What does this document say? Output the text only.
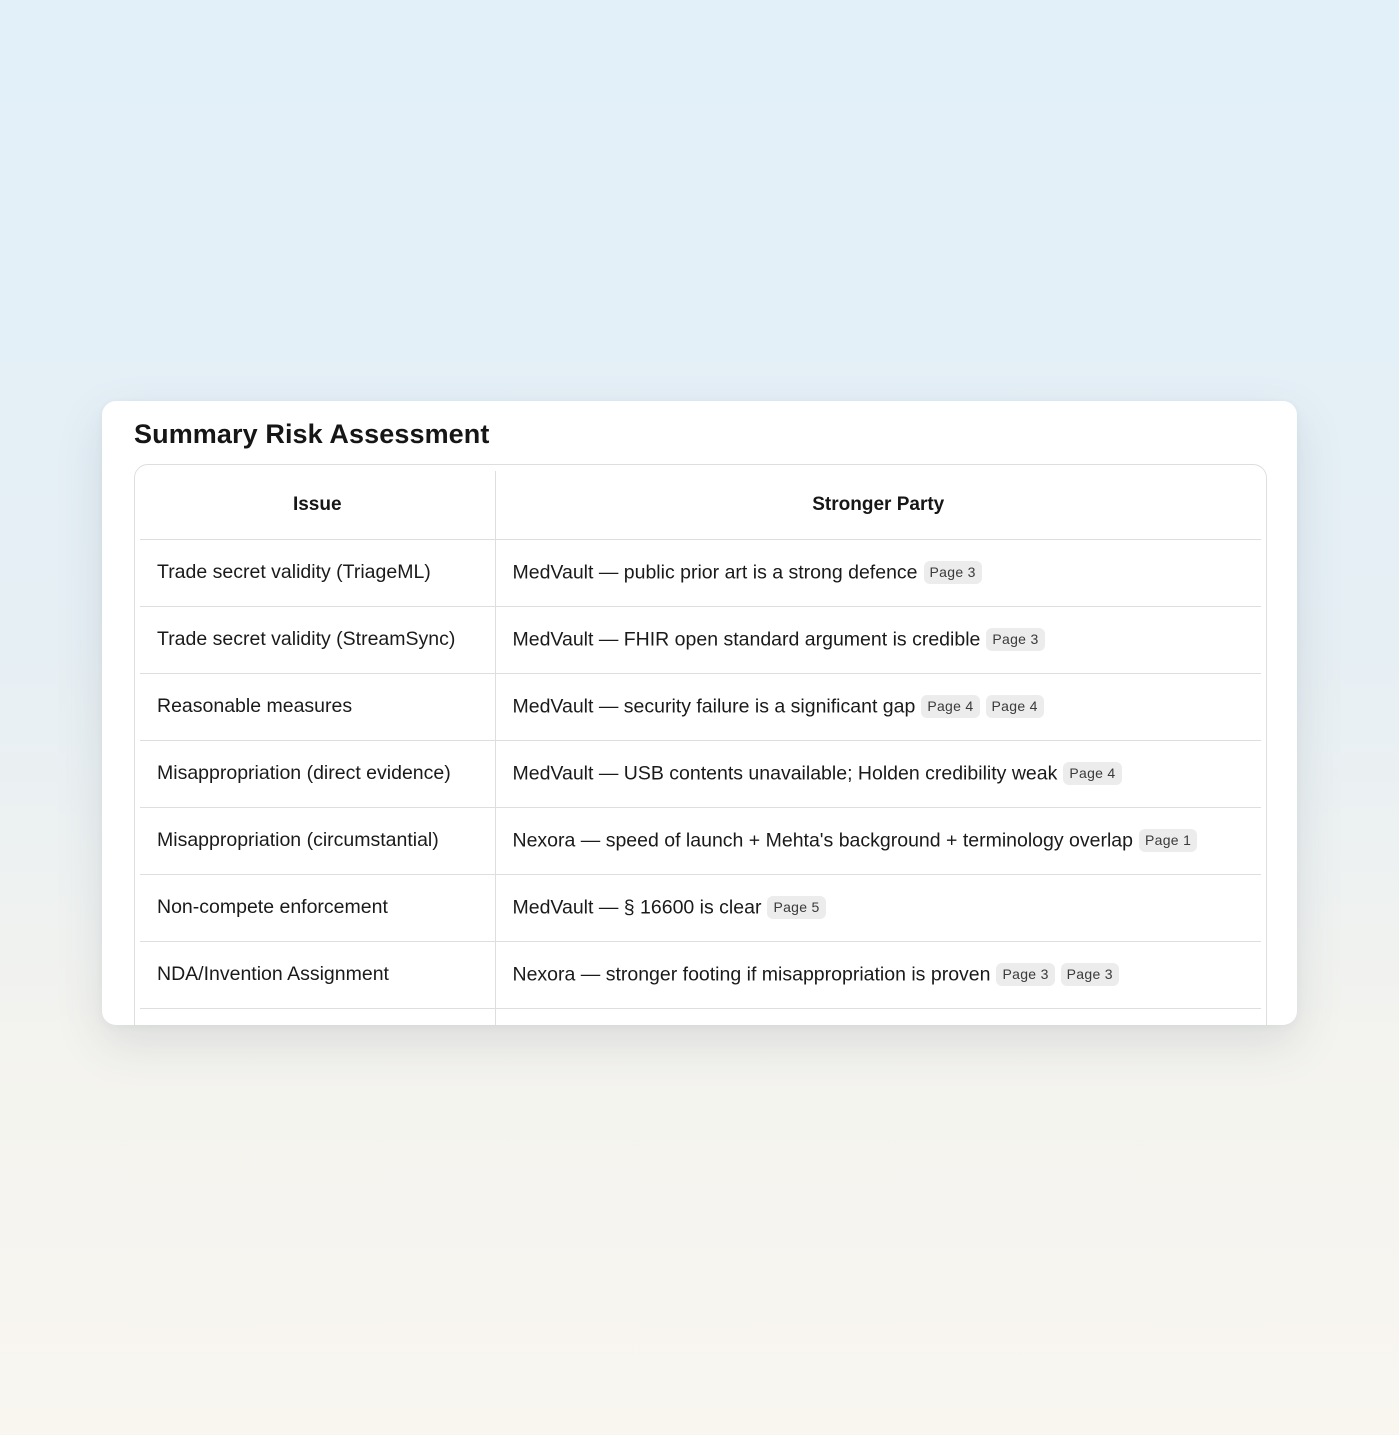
Summary Risk Assessment
Issue	Stronger Party
Trade secret validity (TriageML)	MedVault — public prior art is a strong defence Page 3
Trade secret validity (StreamSync)	MedVault — FHIR open standard argument is credible Page 3
Reasonable measures	MedVault — security failure is a significant gap Page 4 Page 4
Misappropriation (direct evidence)	MedVault — USB contents unavailable; Holden credibility weak Page 4
Misappropriation (circumstantial)	Nexora — speed of launch + Mehta's background + terminology overlap Page 1
Non-compete enforcement	MedVault — § 16600 is clear Page 5
NDA/Invention Assignment	Nexora — stronger footing if misappropriation is proven Page 3 Page 3
